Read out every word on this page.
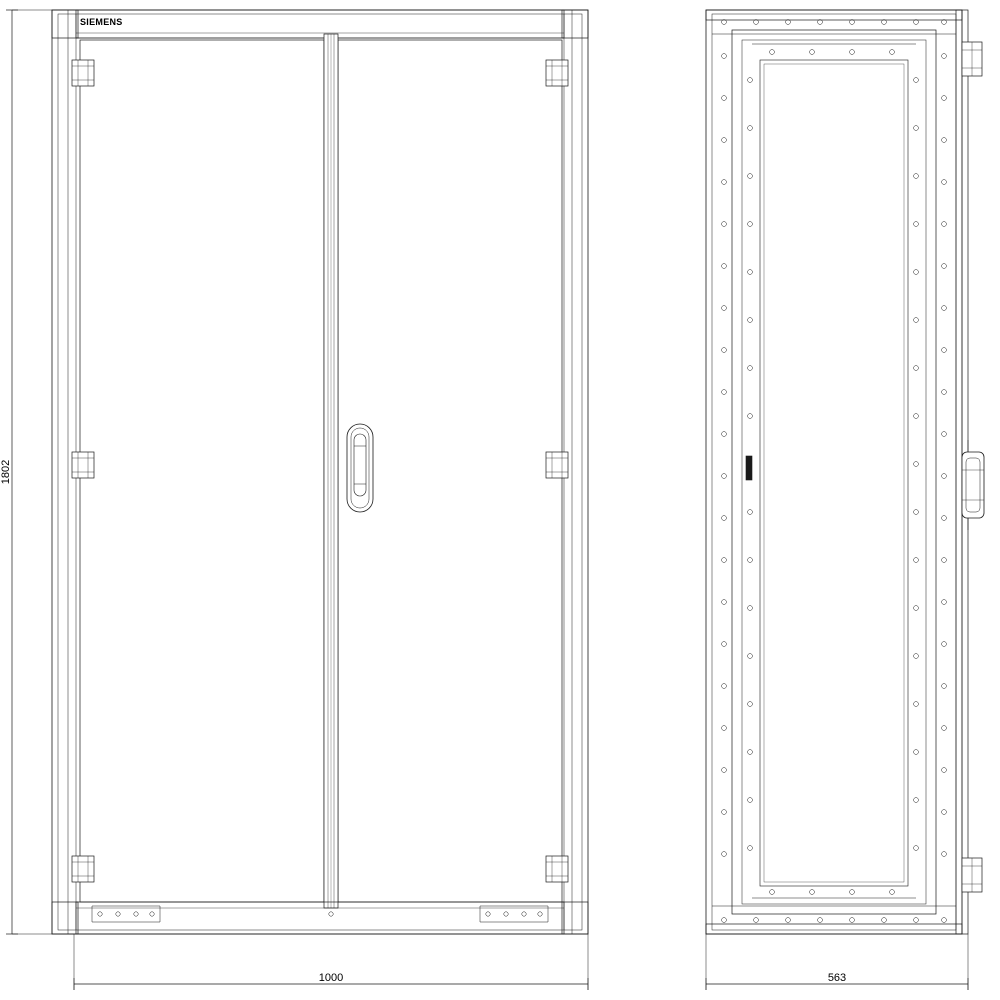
1802
1000	563
SIEMENS
